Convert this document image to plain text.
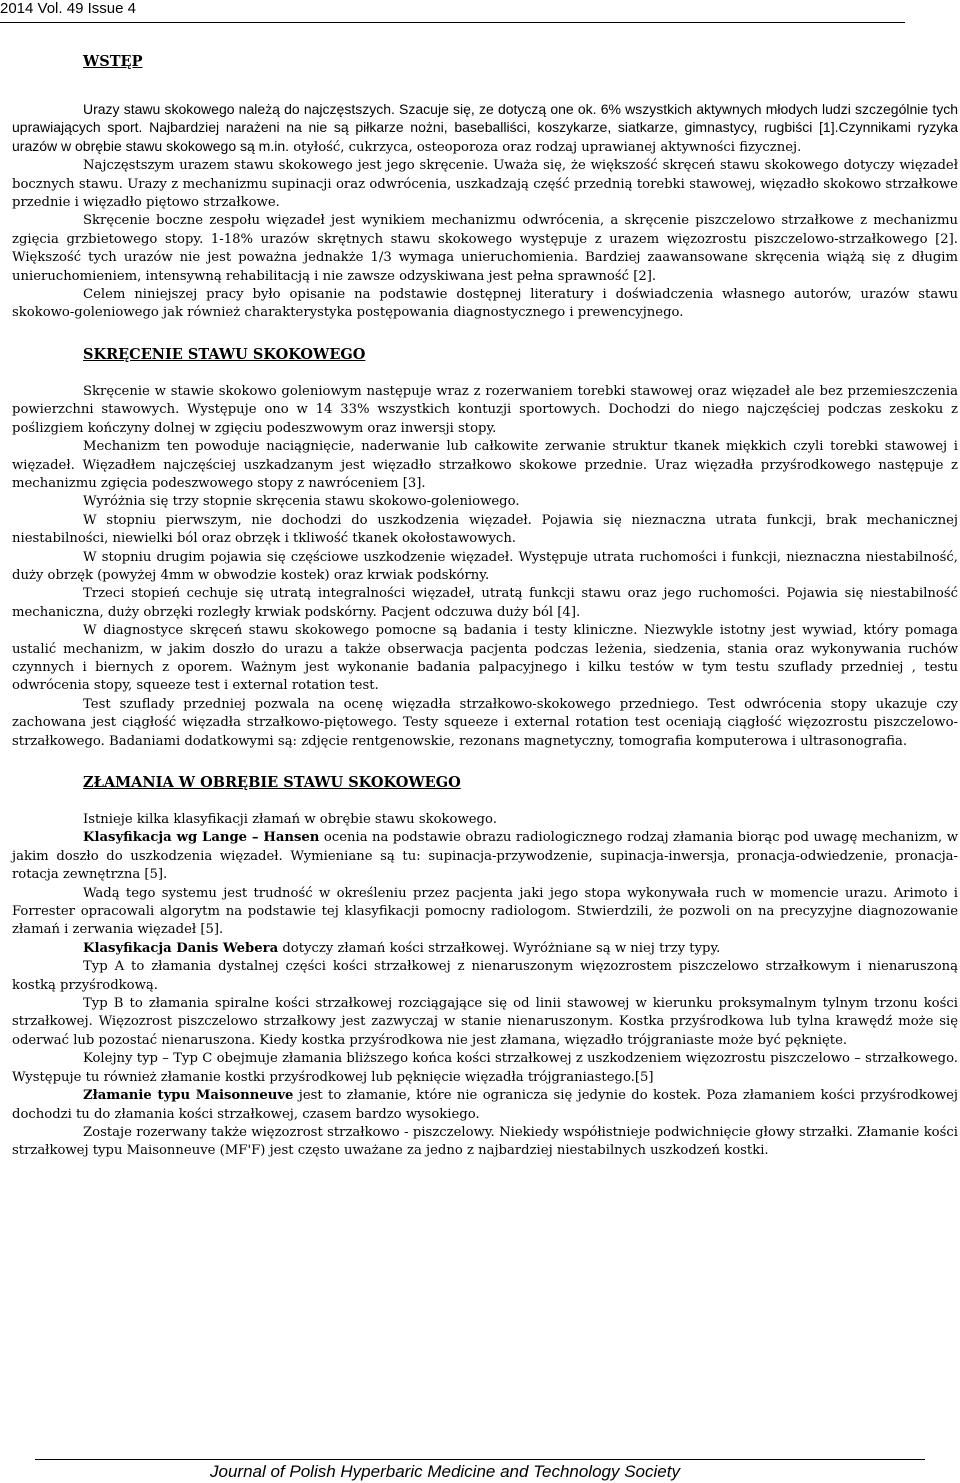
2014 Vol. 49 Issue 4
WSTĘP

Urazy stawu skokowego należą do najczęstszych. Szacuje się, ze dotyczą one ok. 6% wszystkich aktywnych młodych ludzi szczególnie tych uprawiających sport. Najbardziej narażeni na nie są piłkarze nożni, baseballiści, koszykarze, siatkarze, gimnastycy, rugbiści [1].Czynnikami ryzyka urazów w obrębie stawu skokowego są m.in. otyłość, cukrzyca, osteoporoza oraz rodzaj uprawianej aktywności fizycznej.

Najczęstszym urazem stawu skokowego jest jego skręcenie. Uważa się, że większość skręceń stawu skokowego dotyczy więzadeł bocznych stawu. Urazy z mechanizmu supinacji oraz odwrócenia, uszkadzają część przednią torebki stawowej, więzadło skokowo strzałkowe przednie i więzadło piętowo strzałkowe.

Skręcenie boczne zespołu więzadeł jest wynikiem mechanizmu odwrócenia, a skręcenie piszczelowo strzałkowe z mechanizmu zgięcia grzbietowego stopy. 1-18% urazów skrętnych stawu skokowego występuje z urazem więzozrostu piszczelowo-strzałkowego [2]. Większość tych urazów nie jest poważna jednakże 1/3 wymaga unieruchomienia. Bardziej zaawansowane skręcenia wiążą się z długim unieruchomieniem, intensywną rehabilitacją i nie zawsze odzyskiwana jest pełna sprawność [2].

Celem niniejszej pracy było opisanie na podstawie dostępnej literatury i doświadczenia własnego autorów, urazów stawu skokowo-goleniowego jak również charakterystyka postępowania diagnostycznego i prewencyjnego.

SKRĘCENIE STAWU SKOKOWEGO

Skręcenie w stawie skokowo goleniowym następuje wraz z rozerwaniem torebki stawowej oraz więzadeł ale bez przemieszczenia powierzchni stawowych. Występuje ono w 14 33% wszystkich kontuzji sportowych. Dochodzi do niego najczęściej podczas zeskoku z poślizgiem kończyny dolnej w zgięciu podeszwowym oraz inwersji stopy.

Mechanizm ten powoduje naciągnięcie, naderwanie lub całkowite zerwanie struktur tkanek miękkich czyli torebki stawowej i więzadeł. Więzadłem najczęściej uszkadzanym jest więzadło strzałkowo skokowe przednie. Uraz więzadła przyśrodkowego następuje z mechanizmu zgięcia podeszwowego stopy z nawróceniem [3].

Wyróżnia się trzy stopnie skręcenia stawu skokowo-goleniowego.

W stopniu pierwszym, nie dochodzi do uszkodzenia więzadeł. Pojawia się nieznaczna utrata funkcji, brak mechanicznej niestabilności, niewielki ból oraz obrzęk i tkliwość tkanek okołostawowych.

W stopniu drugim pojawia się częściowe uszkodzenie więzadeł. Występuje utrata ruchomości i funkcji, nieznaczna niestabilność, duży obrzęk (powyżej 4mm w obwodzie kostek) oraz krwiak podskórny.

Trzeci stopień cechuje się utratą integralności więzadeł, utratą funkcji stawu oraz jego ruchomości. Pojawia się niestabilność mechaniczna, duży obrzęki rozległy krwiak podskórny. Pacjent odczuwa duży ból [4].

W diagnostyce skręceń stawu skokowego pomocne są badania i testy kliniczne. Niezwykle istotny jest wywiad, który pomaga ustalić mechanizm, w jakim doszło do urazu a także obserwacja pacjenta podczas leżenia, siedzenia, stania oraz wykonywania ruchów czynnych i biernych z oporem. Ważnym jest wykonanie badania palpacyjnego i kilku testów w tym testu szuflady przedniej , testu odwrócenia stopy, squeeze test i external rotation test.

Test szuflady przedniej pozwala na ocenę więzadła strzałkowo-skokowego przedniego. Test odwrócenia stopy ukazuje czy zachowana jest ciągłość więzadła strzałkowo-piętowego. Testy squeeze i external rotation test oceniają ciągłość więzozrostu piszczelowo-strzałkowego. Badaniami dodatkowymi są: zdjęcie rentgenowskie, rezonans magnetyczny, tomografia komputerowa i ultrasonografia.

ZŁAMANIA W OBRĘBIE STAWU SKOKOWEGO

Istnieje kilka klasyfikacji złamań w obrębie stawu skokowego.

Klasyfikacja wg Lange – Hansen ocenia na podstawie obrazu radiologicznego rodzaj złamania biorąc pod uwagę mechanizm, w jakim doszło do uszkodzenia więzadeł. Wymieniane są tu: supinacja-przywodzenie, supinacja-inwersja, pronacja-odwiedzenie, pronacja-rotacja zewnętrzna [5].

Wadą tego systemu jest trudność w określeniu przez pacjenta jaki jego stopa wykonywała ruch w momencie urazu. Arimoto i Forrester opracowali algorytm na podstawie tej klasyfikacji pomocny radiologom. Stwierdzili, że pozwoli on na precyzyjne diagnozowanie złamań i zerwania więzadeł [5].

Klasyfikacja Danis Webera dotyczy złamań kości strzałkowej. Wyróżniane są w niej trzy typy.

Typ A to złamania dystalnej części kości strzałkowej z nienaruszonym więzozrostem piszczelowo strzałkowym i nienaruszoną kostką przyśrodkową.

Typ B to złamania spiralne kości strzałkowej rozciągające się od linii stawowej w kierunku proksymalnym tylnym trzonu kości strzałkowej. Więzozrost piszczelowo strzałkowy jest zazwyczaj w stanie nienaruszonym. Kostka przyśrodkowa lub tylna krawędź może się oderwać lub pozostać nienaruszona. Kiedy kostka przyśrodkowa nie jest złamana, więzadło trójgraniaste może być pęknięte.

Kolejny typ – Typ C obejmuje złamania bliższego końca kości strzałkowej z uszkodzeniem więzozrostu piszczelowo – strzałkowego. Występuje tu również złamanie kostki przyśrodkowej lub pęknięcie więzadła trójgraniastego.[5]

Złamanie typu Maisonneuve jest to złamanie, które nie ogranicza się jedynie do kostek. Poza złamaniem kości przyśrodkowej dochodzi tu do złamania kości strzałkowej, czasem bardzo wysokiego.

Zostaje rozerwany także więzozrost strzałkowo - piszczelowy. Niekiedy współistnieje podwichnięcie głowy strzałki. Złamanie kości strzałkowej typu Maisonneuve (MF'F) jest często uważane za jedno z najbardziej niestabilnych uszkodzeń kostki.

Journal of Polish Hyperbaric Medicine and Technology Society
